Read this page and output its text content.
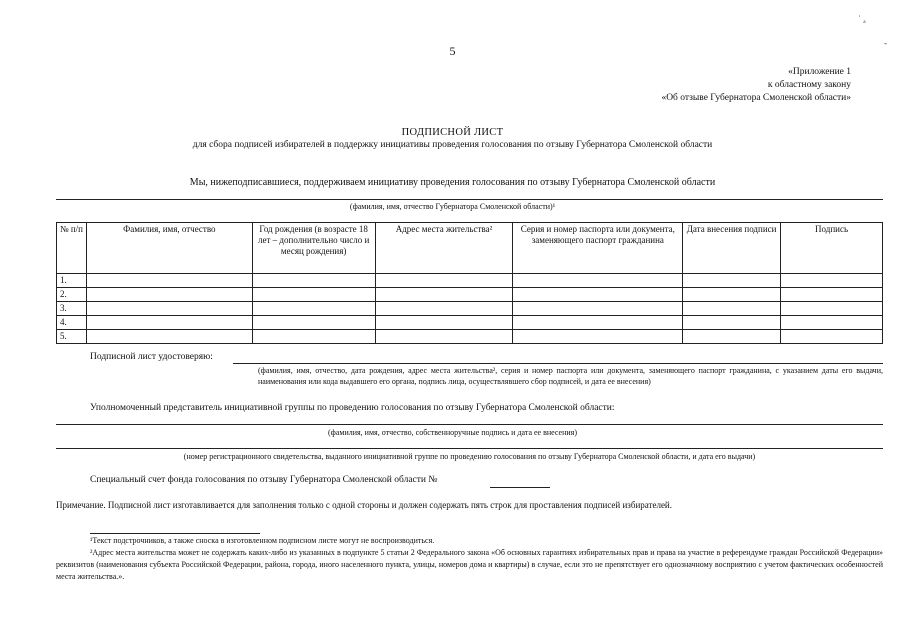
˙ ₐ
-
5
«Приложение 1
к областному закону
«Об отзыве Губернатора Смоленской области»
ПОДПИСНОЙ ЛИСТ
для сбора подписей избирателей в поддержку инициативы проведения голосования по отзыву Губернатора Смоленской области
Мы, нижеподписавшиеся, поддерживаем инициативу проведения голосования по отзыву Губернатора Смоленской области
(фамилия, имя, отчество Губернатора Смоленской области)¹
№ п/п	Фамилия, имя, отчество	Год рождения (в возрасте 18 лет – дополнительно число и месяц рождения)	Адрес места жительства²	Серия и номер паспорта или документа, заменяющего паспорт гражданина	Дата внесения подписи	Подпись
1.						
2.						
3.						
4.						
5.						
Подписной лист удостоверяю:
(фамилия, имя, отчество, дата рождения, адрес места жительства², серия и номер паспорта или документа, заменяющего паспорт гражданина, с указанием даты его выдачи, наименования или кода выдавшего его органа, подпись лица, осуществлявшего сбор подписей, и дата ее внесения)
Уполномоченный представитель инициативной группы по проведению голосования по отзыву Губернатора Смоленской области:
(фамилия, имя, отчество, собственноручные подпись и дата ее внесения)
(номер регистрационного свидетельства, выданного инициативной группе по проведению голосования по отзыву Губернатора Смоленской области, и дата его выдачи)
Специальный счет фонда голосования по отзыву Губернатора Смоленской области №
Примечание. Подписной лист изготавливается для заполнения только с одной стороны и должен содержать пять строк для проставления подписей избирателей.
¹Текст подстрочников, а также сноска в изготовленном подписном листе могут не воспроизводиться.
²Адрес места жительства может не содержать каких-либо из указанных в подпункте 5 статьи 2 Федерального закона «Об основных гарантиях избирательных прав и права на участие в референдуме граждан Российской Федерации» реквизитов (наименования субъекта Российской Федерации, района, города, иного населенного пункта, улицы, номеров дома и квартиры) в случае, если это не препятствует его однозначному восприятию с учетом фактических особенностей места жительства.».
